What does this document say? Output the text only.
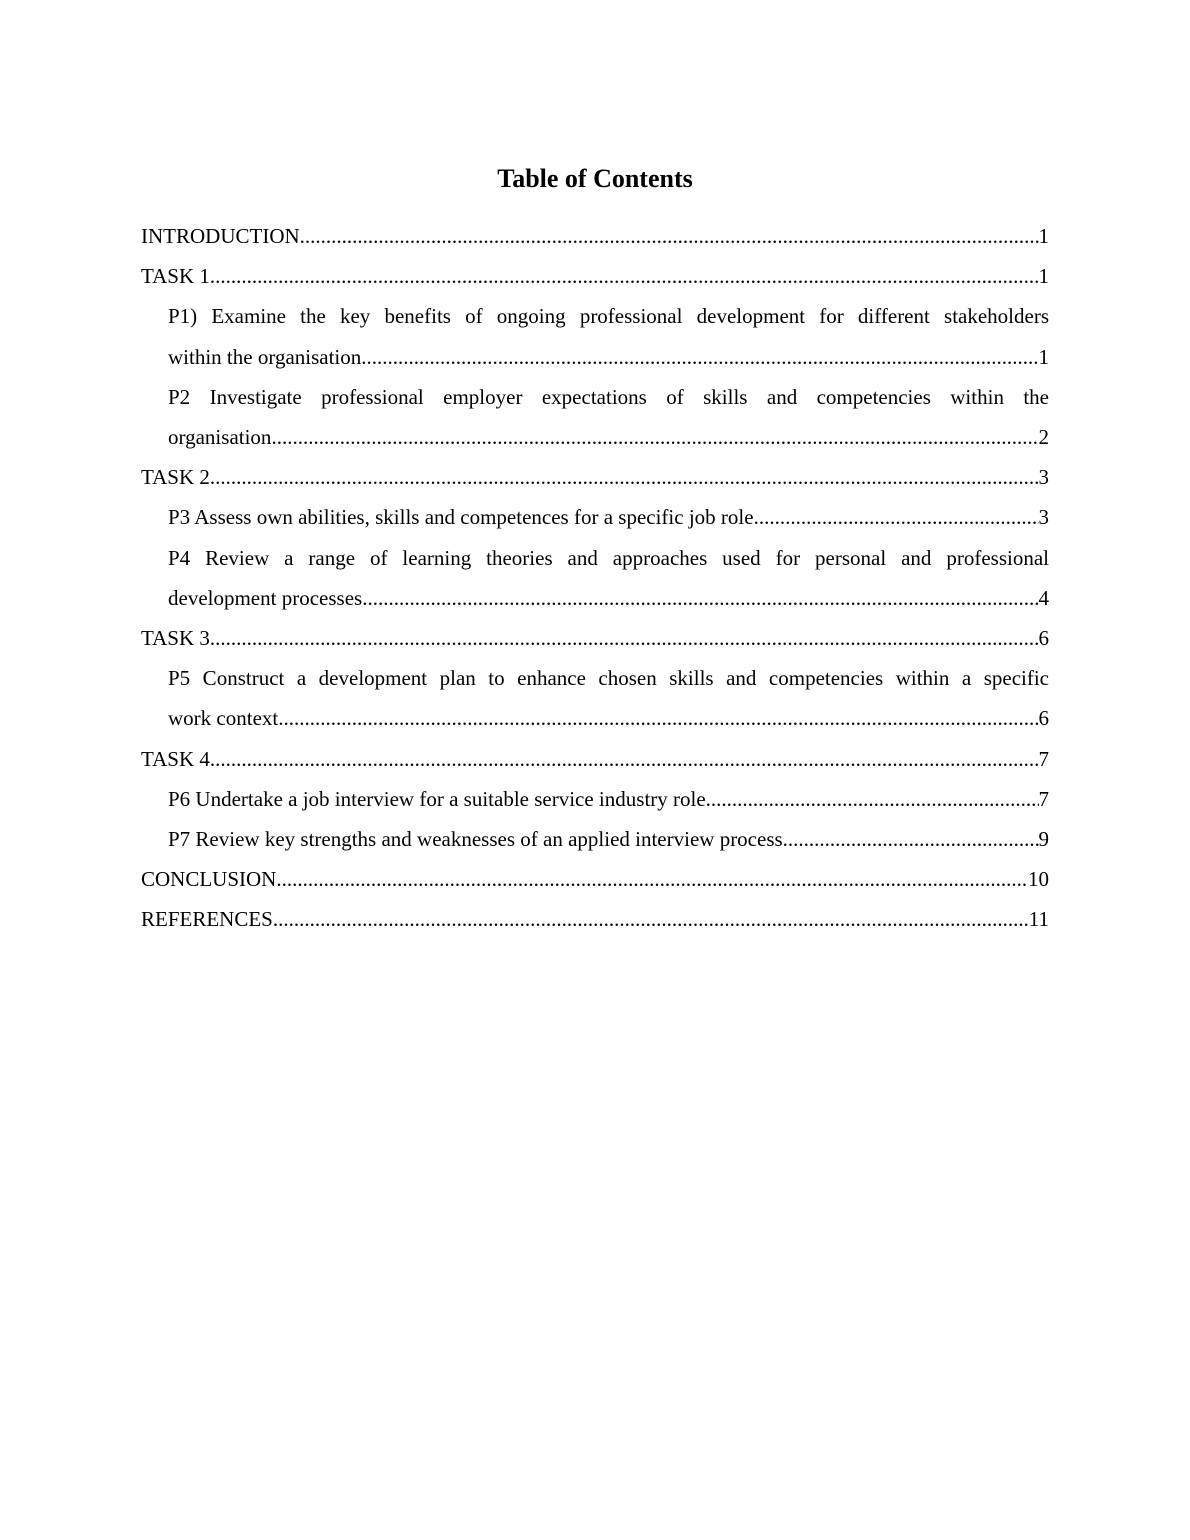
Table of Contents
INTRODUCTION .....	1
TASK 1 .....	1
P1) Examine the key benefits of ongoing professional development for different stakeholders
within the organisation .....	1
P2 Investigate professional employer expectations of skills and competencies within the
organisation .....	2
TASK 2 .....	3
P3 Assess own abilities, skills and competences for a specific job role .....	3
P4 Review a range of learning theories and approaches used for personal and professional
development processes .....	4
TASK 3 .....	6
P5 Construct a development plan to enhance chosen skills and competencies within a specific
work context .....	6
TASK 4 .....	7
P6 Undertake a job interview for a suitable service industry role .....	7
P7 Review key strengths and weaknesses of an applied interview process .....	9
CONCLUSION .....	10
REFERENCES .....	11
